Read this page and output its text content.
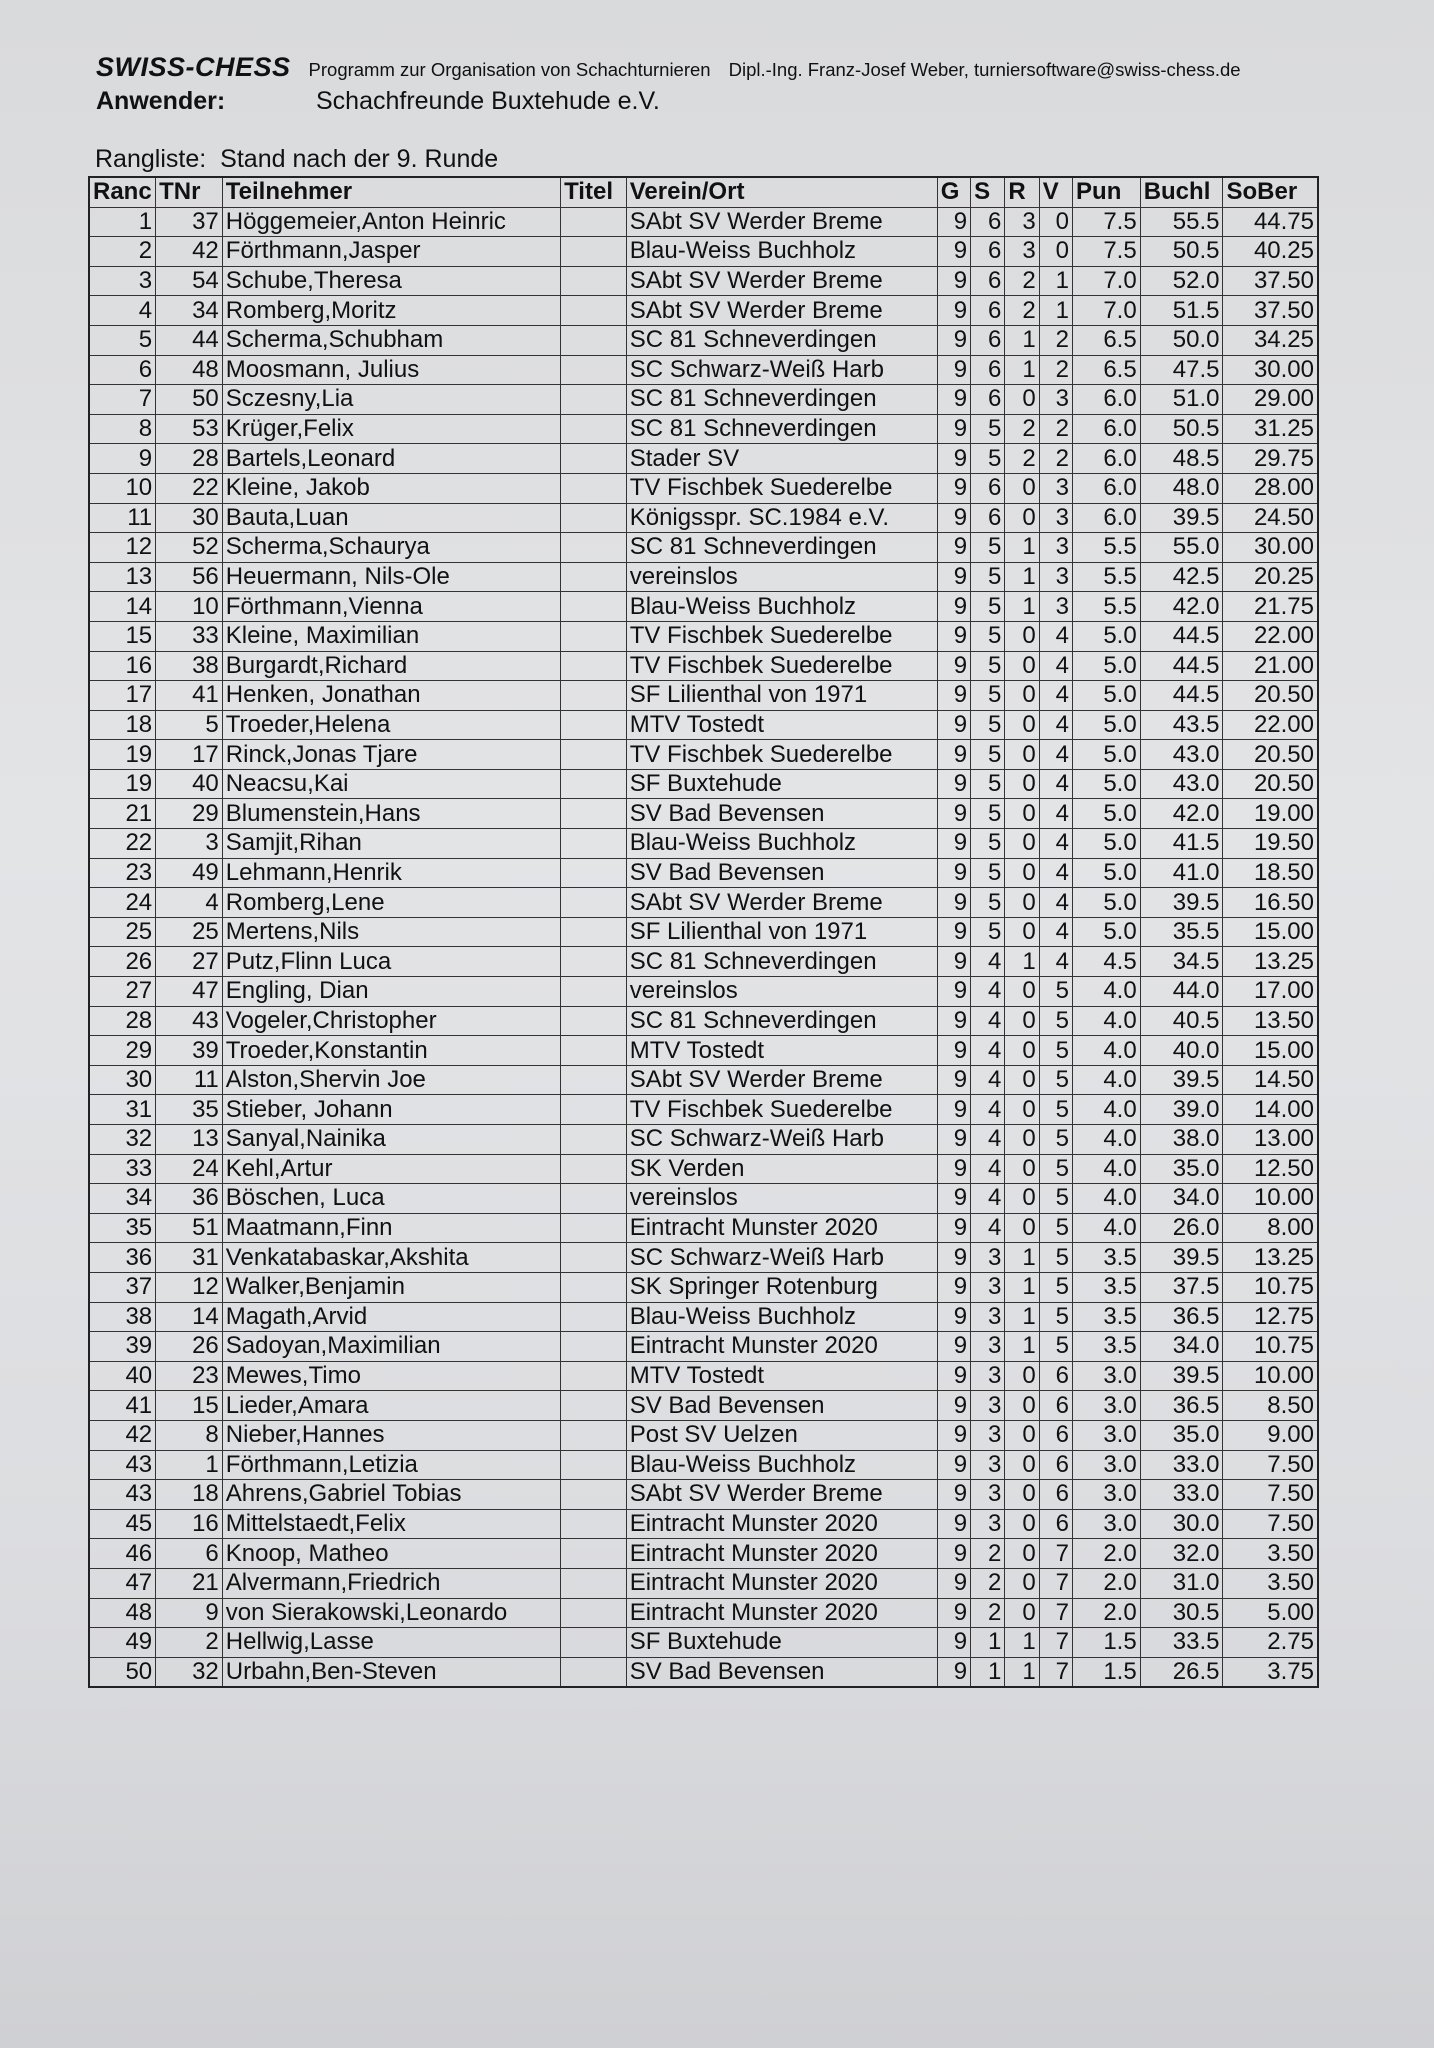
SWISS-CHESS Programm zur Organisation von Schachturnieren Dipl.-Ing. Franz-Josef Weber, turniersoftware@swiss-chess.de
Anwender:	Schachfreunde Buxtehude e.V.
Rangliste: Stand nach der 9. Runde
Ranc	TNr	Teilnehmer	Titel	Verein/Ort	G	S	R	V	Pun	Buchl	SoBer
1	37	Höggemeier,Anton Heinric		SAbt SV Werder Breme	9	6	3	0	7.5	55.5	44.75
2	42	Förthmann,Jasper		Blau-Weiss Buchholz	9	6	3	0	7.5	50.5	40.25
3	54	Schube,Theresa		SAbt SV Werder Breme	9	6	2	1	7.0	52.0	37.50
4	34	Romberg,Moritz		SAbt SV Werder Breme	9	6	2	1	7.0	51.5	37.50
5	44	Scherma,Schubham		SC 81 Schneverdingen	9	6	1	2	6.5	50.0	34.25
6	48	Moosmann, Julius		SC Schwarz-Weiß Harb	9	6	1	2	6.5	47.5	30.00
7	50	Sczesny,Lia		SC 81 Schneverdingen	9	6	0	3	6.0	51.0	29.00
8	53	Krüger,Felix		SC 81 Schneverdingen	9	5	2	2	6.0	50.5	31.25
9	28	Bartels,Leonard		Stader SV	9	5	2	2	6.0	48.5	29.75
10	22	Kleine, Jakob		TV Fischbek Suederelbe	9	6	0	3	6.0	48.0	28.00
11	30	Bauta,Luan		Königsspr. SC.1984 e.V.	9	6	0	3	6.0	39.5	24.50
12	52	Scherma,Schaurya		SC 81 Schneverdingen	9	5	1	3	5.5	55.0	30.00
13	56	Heuermann, Nils-Ole		vereinslos	9	5	1	3	5.5	42.5	20.25
14	10	Förthmann,Vienna		Blau-Weiss Buchholz	9	5	1	3	5.5	42.0	21.75
15	33	Kleine, Maximilian		TV Fischbek Suederelbe	9	5	0	4	5.0	44.5	22.00
16	38	Burgardt,Richard		TV Fischbek Suederelbe	9	5	0	4	5.0	44.5	21.00
17	41	Henken, Jonathan		SF Lilienthal von 1971	9	5	0	4	5.0	44.5	20.50
18	5	Troeder,Helena		MTV Tostedt	9	5	0	4	5.0	43.5	22.00
19	17	Rinck,Jonas Tjare		TV Fischbek Suederelbe	9	5	0	4	5.0	43.0	20.50
19	40	Neacsu,Kai		SF Buxtehude	9	5	0	4	5.0	43.0	20.50
21	29	Blumenstein,Hans		SV Bad Bevensen	9	5	0	4	5.0	42.0	19.00
22	3	Samjit,Rihan		Blau-Weiss Buchholz	9	5	0	4	5.0	41.5	19.50
23	49	Lehmann,Henrik		SV Bad Bevensen	9	5	0	4	5.0	41.0	18.50
24	4	Romberg,Lene		SAbt SV Werder Breme	9	5	0	4	5.0	39.5	16.50
25	25	Mertens,Nils		SF Lilienthal von 1971	9	5	0	4	5.0	35.5	15.00
26	27	Putz,Flinn Luca		SC 81 Schneverdingen	9	4	1	4	4.5	34.5	13.25
27	47	Engling, Dian		vereinslos	9	4	0	5	4.0	44.0	17.00
28	43	Vogeler,Christopher		SC 81 Schneverdingen	9	4	0	5	4.0	40.5	13.50
29	39	Troeder,Konstantin		MTV Tostedt	9	4	0	5	4.0	40.0	15.00
30	11	Alston,Shervin Joe		SAbt SV Werder Breme	9	4	0	5	4.0	39.5	14.50
31	35	Stieber, Johann		TV Fischbek Suederelbe	9	4	0	5	4.0	39.0	14.00
32	13	Sanyal,Nainika		SC Schwarz-Weiß Harb	9	4	0	5	4.0	38.0	13.00
33	24	Kehl,Artur		SK Verden	9	4	0	5	4.0	35.0	12.50
34	36	Böschen, Luca		vereinslos	9	4	0	5	4.0	34.0	10.00
35	51	Maatmann,Finn		Eintracht Munster 2020	9	4	0	5	4.0	26.0	8.00
36	31	Venkatabaskar,Akshita		SC Schwarz-Weiß Harb	9	3	1	5	3.5	39.5	13.25
37	12	Walker,Benjamin		SK Springer Rotenburg	9	3	1	5	3.5	37.5	10.75
38	14	Magath,Arvid		Blau-Weiss Buchholz	9	3	1	5	3.5	36.5	12.75
39	26	Sadoyan,Maximilian		Eintracht Munster 2020	9	3	1	5	3.5	34.0	10.75
40	23	Mewes,Timo		MTV Tostedt	9	3	0	6	3.0	39.5	10.00
41	15	Lieder,Amara		SV Bad Bevensen	9	3	0	6	3.0	36.5	8.50
42	8	Nieber,Hannes		Post SV Uelzen	9	3	0	6	3.0	35.0	9.00
43	1	Förthmann,Letizia		Blau-Weiss Buchholz	9	3	0	6	3.0	33.0	7.50
43	18	Ahrens,Gabriel Tobias		SAbt SV Werder Breme	9	3	0	6	3.0	33.0	7.50
45	16	Mittelstaedt,Felix		Eintracht Munster 2020	9	3	0	6	3.0	30.0	7.50
46	6	Knoop, Matheo		Eintracht Munster 2020	9	2	0	7	2.0	32.0	3.50
47	21	Alvermann,Friedrich		Eintracht Munster 2020	9	2	0	7	2.0	31.0	3.50
48	9	von Sierakowski,Leonardo		Eintracht Munster 2020	9	2	0	7	2.0	30.5	5.00
49	2	Hellwig,Lasse		SF Buxtehude	9	1	1	7	1.5	33.5	2.75
50	32	Urbahn,Ben-Steven		SV Bad Bevensen	9	1	1	7	1.5	26.5	3.75
